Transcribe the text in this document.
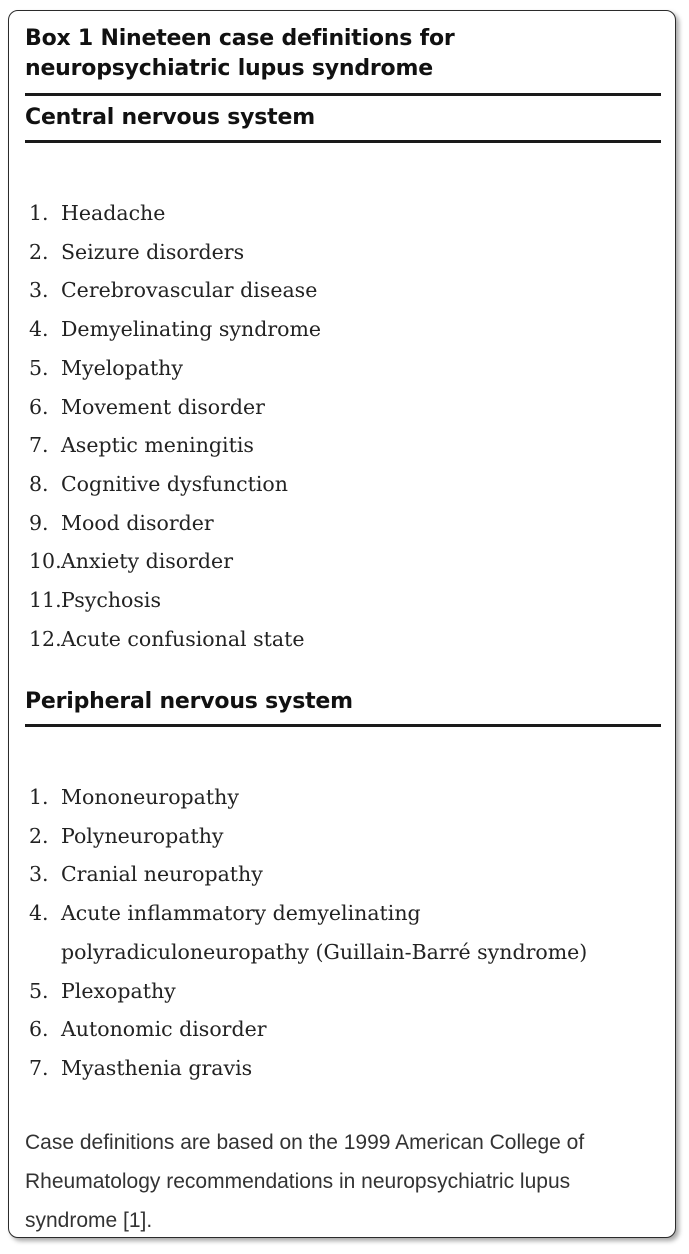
Box 1 Nineteen case definitions for neuropsychiatric lupus syndrome
Central nervous system
1. Headache
2. Seizure disorders
3. Cerebrovascular disease
4. Demyelinating syndrome
5. Myelopathy
6. Movement disorder
7. Aseptic meningitis
8. Cognitive dysfunction
9. Mood disorder
10. Anxiety disorder
11. Psychosis
12. Acute confusional state
Peripheral nervous system
1. Mononeuropathy
2. Polyneuropathy
3. Cranial neuropathy
4. Acute inflammatory demyelinating polyradiculoneuropathy (Guillain-Barré syndrome)
5. Plexopathy
6. Autonomic disorder
7. Myasthenia gravis

Case definitions are based on the 1999 American College of Rheumatology recommendations in neuropsychiatric lupus syndrome [1].
